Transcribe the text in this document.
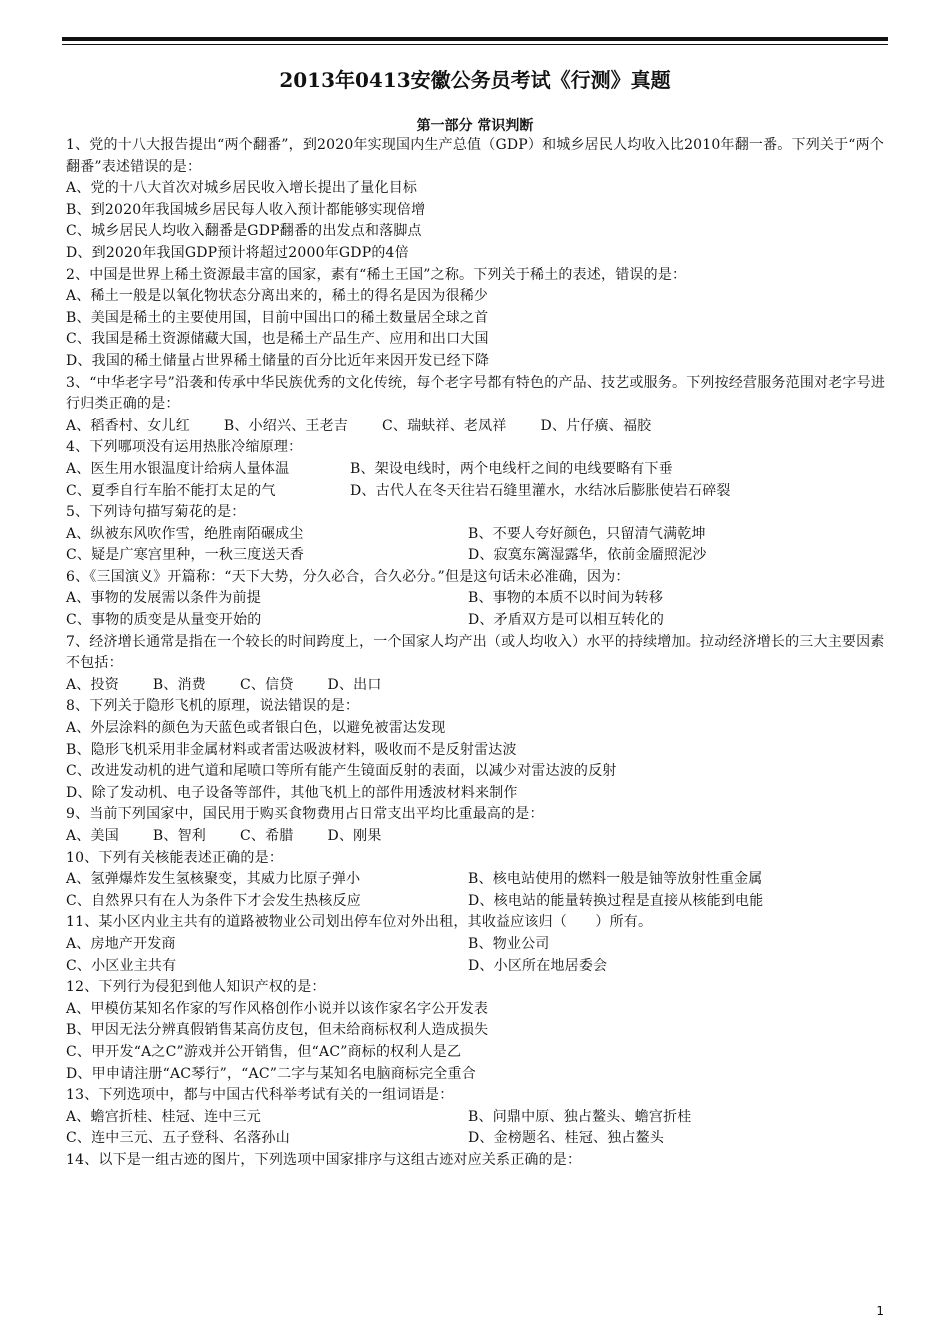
2013年0413安徽公务员考试《行测》真题
第一部分 常识判断
1、党的十八大报告提出“两个翻番”，到2020年实现国内生产总值（GDP）和城乡居民人均收入比2010年翻一番。下列关于“两个翻番”表述错误的是：
A、党的十八大首次对城乡居民收入增长提出了量化目标
B、到2020年我国城乡居民每人收入预计都能够实现倍增
C、城乡居民人均收入翻番是GDP翻番的出发点和落脚点
D、到2020年我国GDP预计将超过2000年GDP的4倍
2、中国是世界上稀土资源最丰富的国家，素有“稀土王国”之称。下列关于稀土的表述，错误的是：
A、稀土一般是以氧化物状态分离出来的，稀土的得名是因为很稀少
B、美国是稀土的主要使用国，目前中国出口的稀土数量居全球之首
C、我国是稀土资源储藏大国，也是稀土产品生产、应用和出口大国
D、我国的稀土储量占世界稀土储量的百分比近年来因开发已经下降
3、“中华老字号”沿袭和传承中华民族优秀的文化传统，每个老字号都有特色的产品、技艺或服务。下列按经营服务范围对老字号进行归类正确的是：
A、稻香村、女儿红 B、小绍兴、王老吉 C、瑞蚨祥、老凤祥 D、片仔癀、福胶
4、下列哪项没有运用热胀冷缩原理：
A、医生用水银温度计给病人量体温	B、架设电线时，两个电线杆之间的电线要略有下垂
C、夏季自行车胎不能打太足的气	D、古代人在冬天往岩石缝里灌水，水结冰后膨胀使岩石碎裂
5、下列诗句描写菊花的是：
A、纵被东风吹作雪，绝胜南陌碾成尘	B、不要人夸好颜色，只留清气满乾坤
C、疑是广寒宫里种，一秋三度送天香	D、寂寞东篱湿露华，依前金靥照泥沙
6、《三国演义》开篇称：“天下大势，分久必合，合久必分。”但是这句话未必准确，因为：
A、事物的发展需以条件为前提	B、事物的本质不以时间为转移
C、事物的质变是从量变开始的	D、矛盾双方是可以相互转化的
7、经济增长通常是指在一个较长的时间跨度上，一个国家人均产出（或人均收入）水平的持续增加。拉动经济增长的三大主要因素不包括：
A、投资 B、消费 C、信贷 D、出口
8、下列关于隐形飞机的原理，说法错误的是：
A、外层涂料的颜色为天蓝色或者银白色，以避免被雷达发现
B、隐形飞机采用非金属材料或者雷达吸波材料，吸收而不是反射雷达波
C、改进发动机的进气道和尾喷口等所有能产生镜面反射的表面，以减少对雷达波的反射
D、除了发动机、电子设备等部件，其他飞机上的部件用透波材料来制作
9、当前下列国家中，国民用于购买食物费用占日常支出平均比重最高的是：
A、美国 B、智利 C、希腊 D、刚果
10、下列有关核能表述正确的是：
A、氢弹爆炸发生氢核聚变，其威力比原子弹小	B、核电站使用的燃料一般是铀等放射性重金属
C、自然界只有在人为条件下才会发生热核反应	D、核电站的能量转换过程是直接从核能到电能
11、某小区内业主共有的道路被物业公司划出停车位对外出租，其收益应该归（　　）所有。
A、房地产开发商	B、物业公司
C、小区业主共有	D、小区所在地居委会
12、下列行为侵犯到他人知识产权的是：
A、甲模仿某知名作家的写作风格创作小说并以该作家名字公开发表
B、甲因无法分辨真假销售某高仿皮包，但未给商标权利人造成损失
C、甲开发“A之C”游戏并公开销售，但“AC”商标的权利人是乙
D、甲申请注册“AC琴行”，“AC”二字与某知名电脑商标完全重合
13、下列选项中，都与中国古代科举考试有关的一组词语是：
A、蟾宫折桂、桂冠、连中三元	B、问鼎中原、独占鳌头、蟾宫折桂
C、连中三元、五子登科、名落孙山	D、金榜题名、桂冠、独占鳌头
14、以下是一组古迹的图片，下列选项中国家排序与这组古迹对应关系正确的是：
1
